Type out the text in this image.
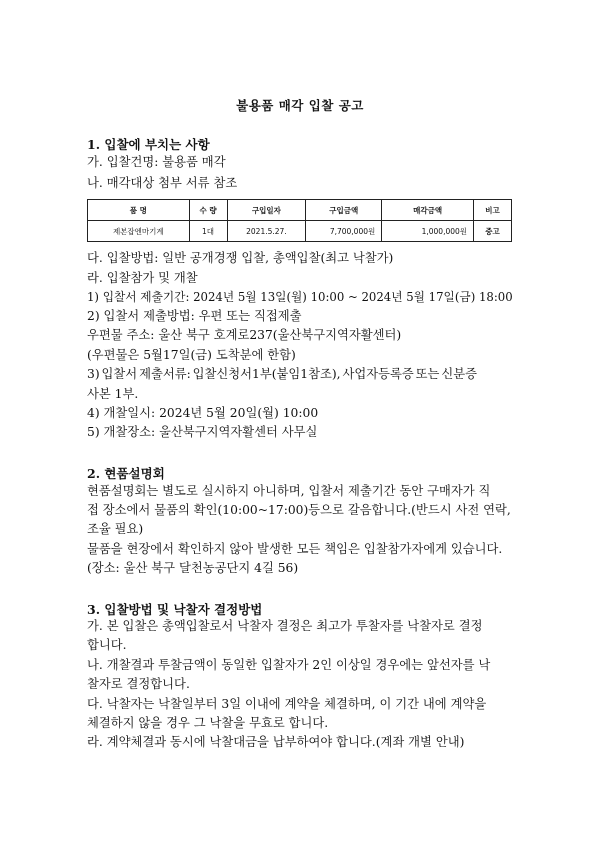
불용품 매각 입찰 공고
1. 입찰에 부치는 사항
가. 입찰건명: 불용품 매각
나. 매각대상 첨부 서류 참조
품 명	수 량	구입일자	구입금액	매각금액	비고
제본잡엔마기계	1대	2021.5.27.	7,700,000원	1,000,000원	중고
다. 입찰방법: 일반 공개경쟁 입찰, 총액입찰(최고 낙찰가)
라. 입찰참가 및 개찰
1) 입찰서 제출기간: 2024년 5월 13일(월) 10:00 ~ 2024년 5월 17일(금) 18:00
2) 입찰서 제출방법: 우편 또는 직접제출
우편물 주소: 울산 북구 호계로237(울산북구지역자활센터)
(우편물은 5월17일(금) 도착분에 한함)
3) 입찰서 제출서류: 입찰신청서1부(붙임1참조), 사업자등록증 또는 신분증
사본 1부.
4) 개찰일시: 2024년 5월 20일(월) 10:00
5) 개찰장소: 울산북구지역자활센터 사무실
2. 현품설명회
현품설명회는 별도로 실시하지 아니하며, 입찰서 제출기간 동안 구매자가 직
접 장소에서 물품의 확인(10:00~17:00)등으로 갈음합니다.(반드시 사전 연락,
조율 필요)
물품을 현장에서 확인하지 않아 발생한 모든 책임은 입찰참가자에게 있습니다.
(장소: 울산 북구 달천농공단지 4길 56)
3. 입찰방법 및 낙찰자 결정방법
가. 본 입찰은 총액입찰로서 낙찰자 결정은 최고가 투찰자를 낙찰자로 결정
합니다.
나. 개찰결과 투찰금액이 동일한 입찰자가 2인 이상일 경우에는 앞선자를 낙
찰자로 결정합니다.
다. 낙찰자는 낙찰일부터 3일 이내에 계약을 체결하며, 이 기간 내에 계약을
체결하지 않을 경우 그 낙찰을 무효로 합니다.
라. 계약체결과 동시에 낙찰대금을 납부하여야 합니다.(계좌 개별 안내)
